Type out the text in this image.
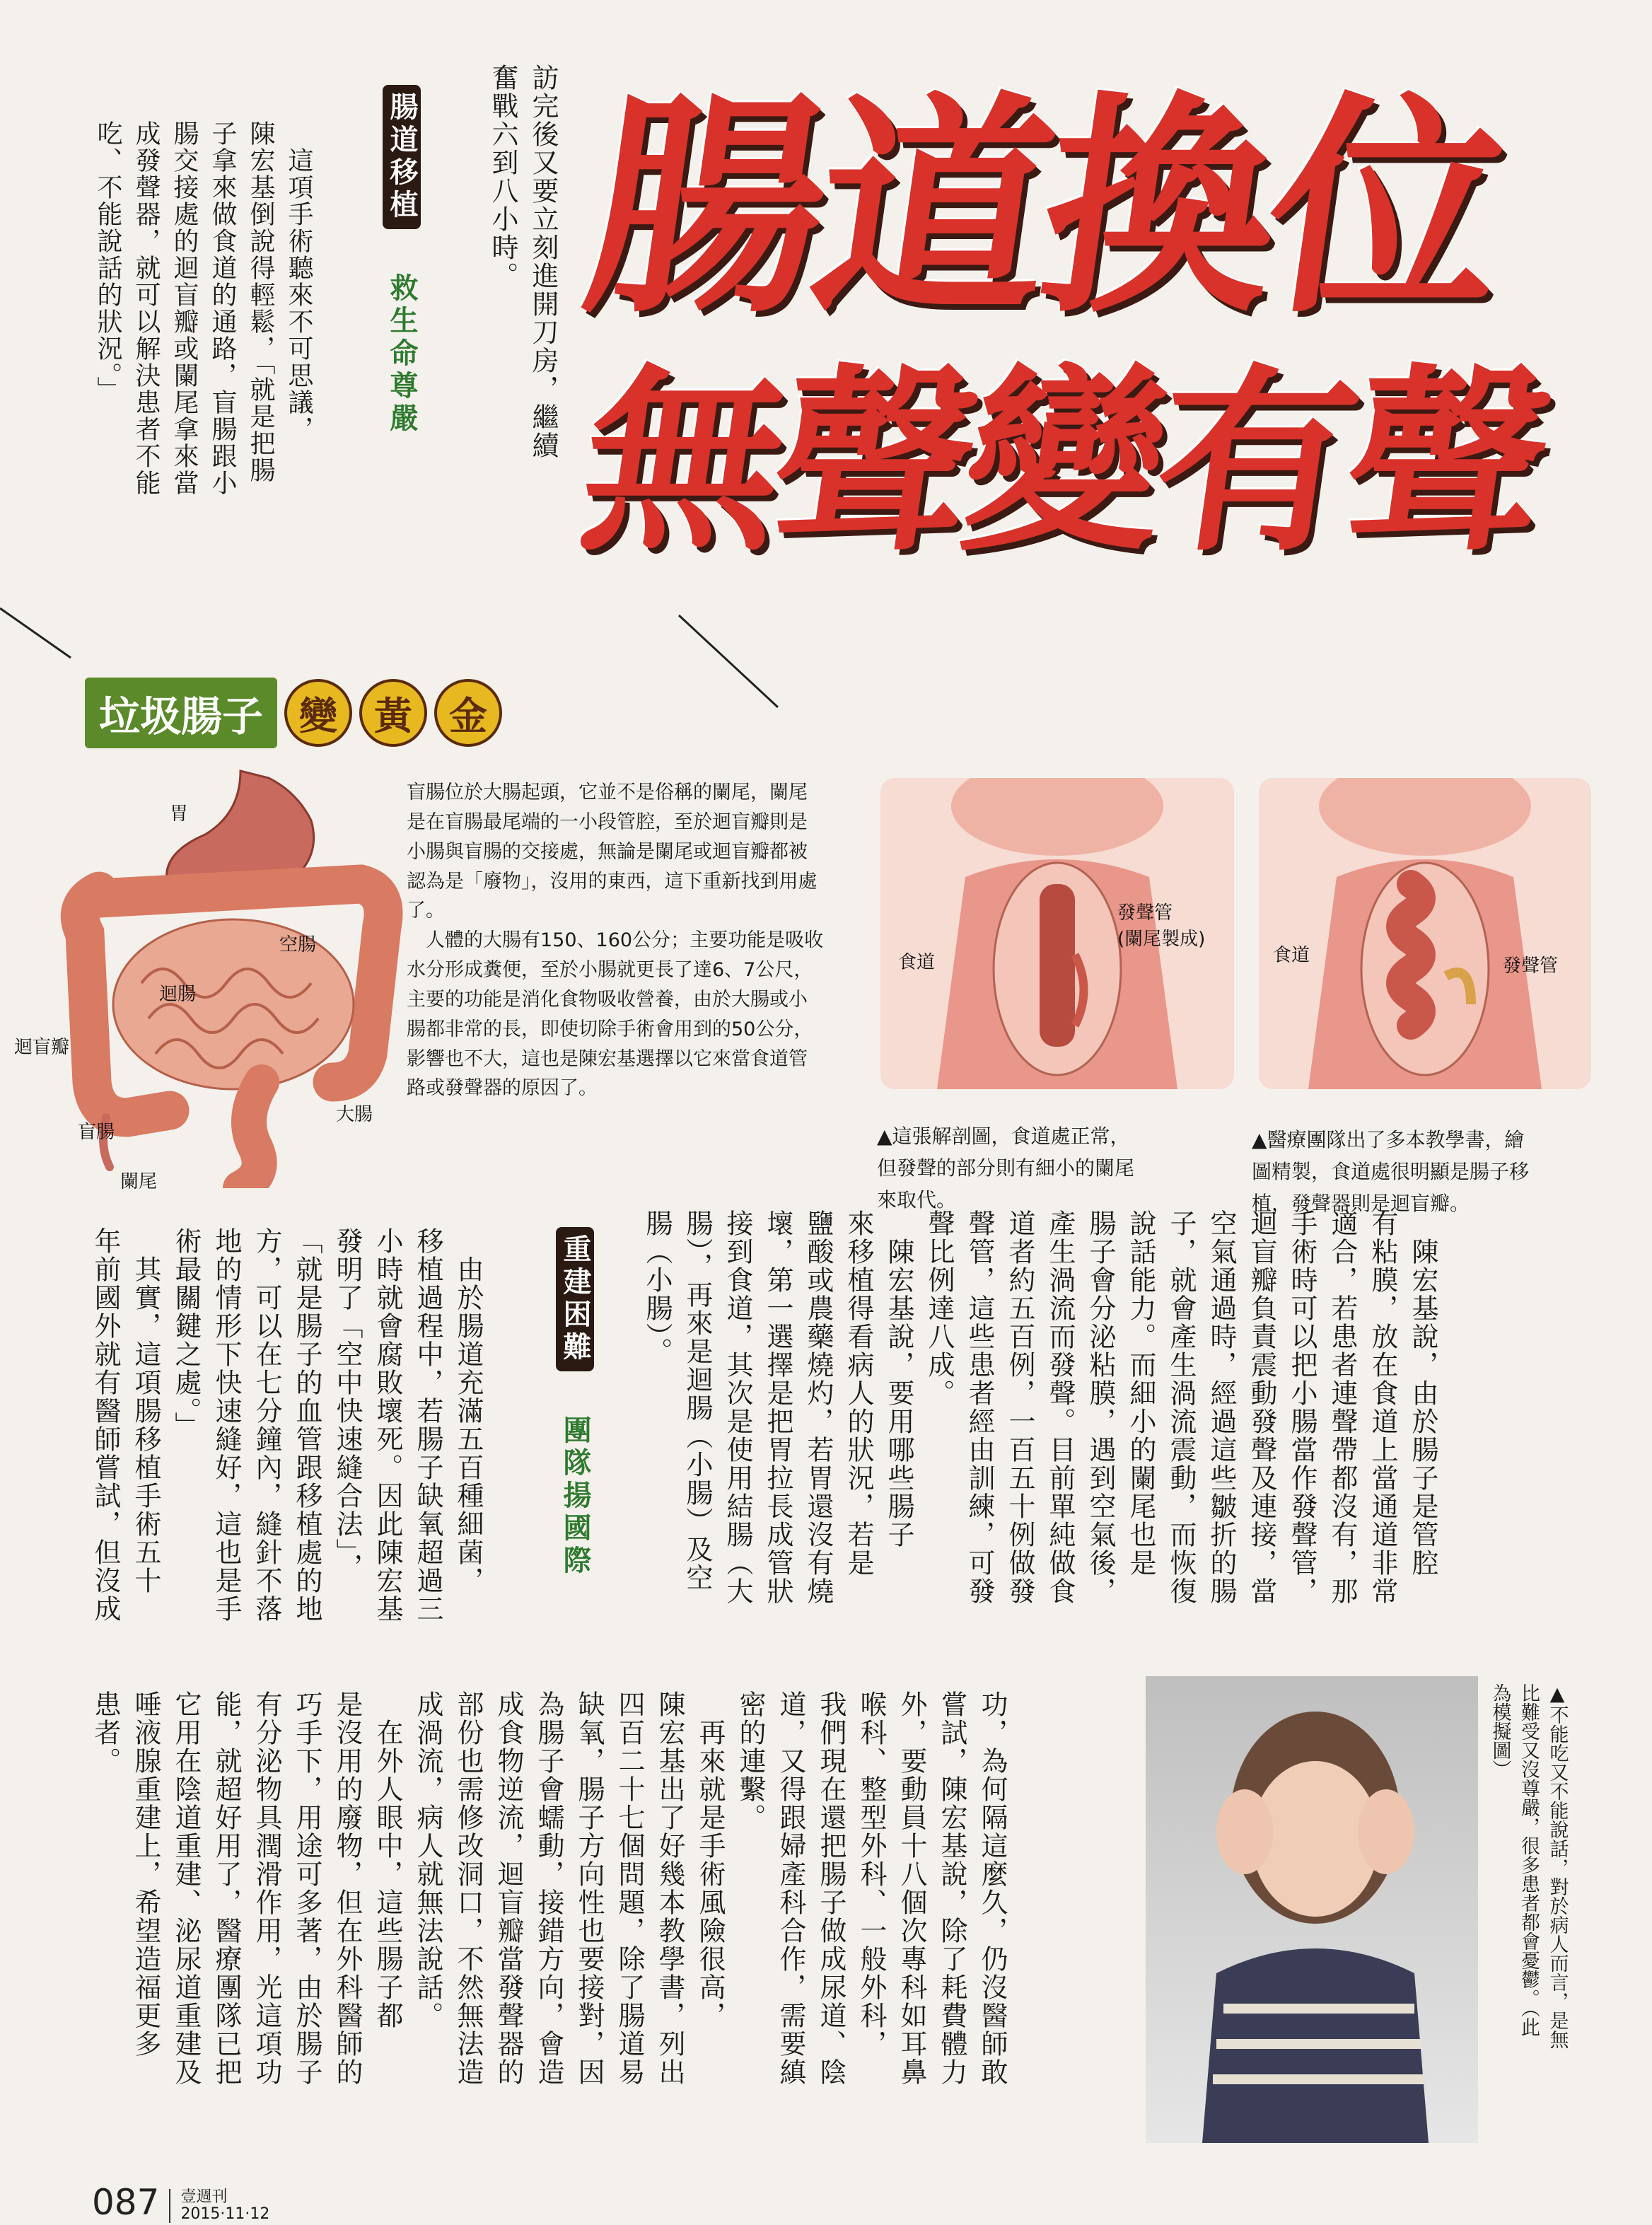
腸道換位
無聲變有聲
訪完後又要立刻進開刀房，繼續
奮戰六到八小時。
腸道移植 救生命尊嚴
　這項手術聽來不可思議，
陳宏基倒說得輕鬆，「就是把腸
子拿來做食道的通路，盲腸跟小
腸交接處的迴盲瓣或闌尾拿來當
成發聲器，就可以解決患者不能
吃、不能說話的狀況。」
垃圾腸子 變 黃 金
胃
空腸
迴腸
迴盲瓣
大腸
盲腸
闌尾
盲腸位於大腸起頭，它並不是俗稱的闌尾，闌尾是在盲腸最尾端的一小段管腔，至於迴盲瓣則是小腸與盲腸的交接處，無論是闌尾或迴盲瓣都被認為是「廢物」，沒用的東西，這下重新找到用處了。
　人體的大腸有150、160公分；主要功能是吸收水分形成糞便，至於小腸就更長了達6、7公尺，主要的功能是消化食物吸收營養，由於大腸或小腸都非常的長，即使切除手術會用到的50公分，影響也不大，這也是陳宏基選擇以它來當食道管路或發聲器的原因了。
食道
發聲管
(闌尾製成)
食道	發聲管
▲這張解剖圖，食道處正常，
但發聲的部分則有細小的闌尾
來取代。
▲醫療團隊出了多本教學書，繪
圖精製，食道處很明顯是腸子移
植，發聲器則是迴盲瓣。
　陳宏基說，由於腸子是管腔
有粘膜，放在食道上當通道非常
適合，若患者連聲帶都沒有，那
手術時可以把小腸當作發聲管，
迴盲瓣負責震動發聲及連接，當
空氣通過時，經過這些皺折的腸
子，就會產生渦流震動，而恢復
說話能力。而細小的闌尾也是
腸子會分泌粘膜，遇到空氣後，
產生渦流而發聲。目前單純做食
道者約五百例，一百五十例做發
聲管，這些患者經由訓練，可發
聲比例達八成。
　陳宏基說，要用哪些腸子
來移植得看病人的狀況，若是
鹽酸或農藥燒灼，若胃還沒有燒
壞，第一選擇是把胃拉長成管狀
接到食道，其次是使用結腸（大
腸），再來是迴腸（小腸）及空
腸（小腸）。
重建困難 團隊揚國際
　由於腸道充滿五百種細菌，
移植過程中，若腸子缺氧超過三
小時就會腐敗壞死。因此陳宏基
發明了「空中快速縫合法」，
「就是腸子的血管跟移植處的地
方，可以在七分鐘內，縫針不落
地的情形下快速縫好，這也是手
術最關鍵之處。」
　其實，這項腸移植手術五十
年前國外就有醫師嘗試，但沒成
▲不能吃又不能說話，對於病人而言，是無
比難受又沒尊嚴，很多患者都會憂鬱。（此
為模擬圖）
功，為何隔這麼久，仍沒醫師敢
嘗試，陳宏基說，除了耗費體力
外，要動員十八個次專科如耳鼻
喉科、整型外科、一般外科，
我們現在還把腸子做成尿道、陰
道，又得跟婦產科合作，需要縝
密的連繫。
　再來就是手術風險很高，
陳宏基出了好幾本教學書，列出
四百二十七個問題，除了腸道易
缺氧，腸子方向性也要接對，因
為腸子會蠕動，接錯方向，會造
成食物逆流，迴盲瓣當發聲器的
部份也需修改洞口，不然無法造
成渦流，病人就無法說話。
　在外人眼中，這些腸子都
是沒用的廢物，但在外科醫師的
巧手下，用途可多著，由於腸子
有分泌物具潤滑作用，光這項功
能，就超好用了，醫療團隊已把
它用在陰道重建、泌尿道重建及
唾液腺重建上，希望造福更多
患者。
087 壹週刊
2015·11·12
